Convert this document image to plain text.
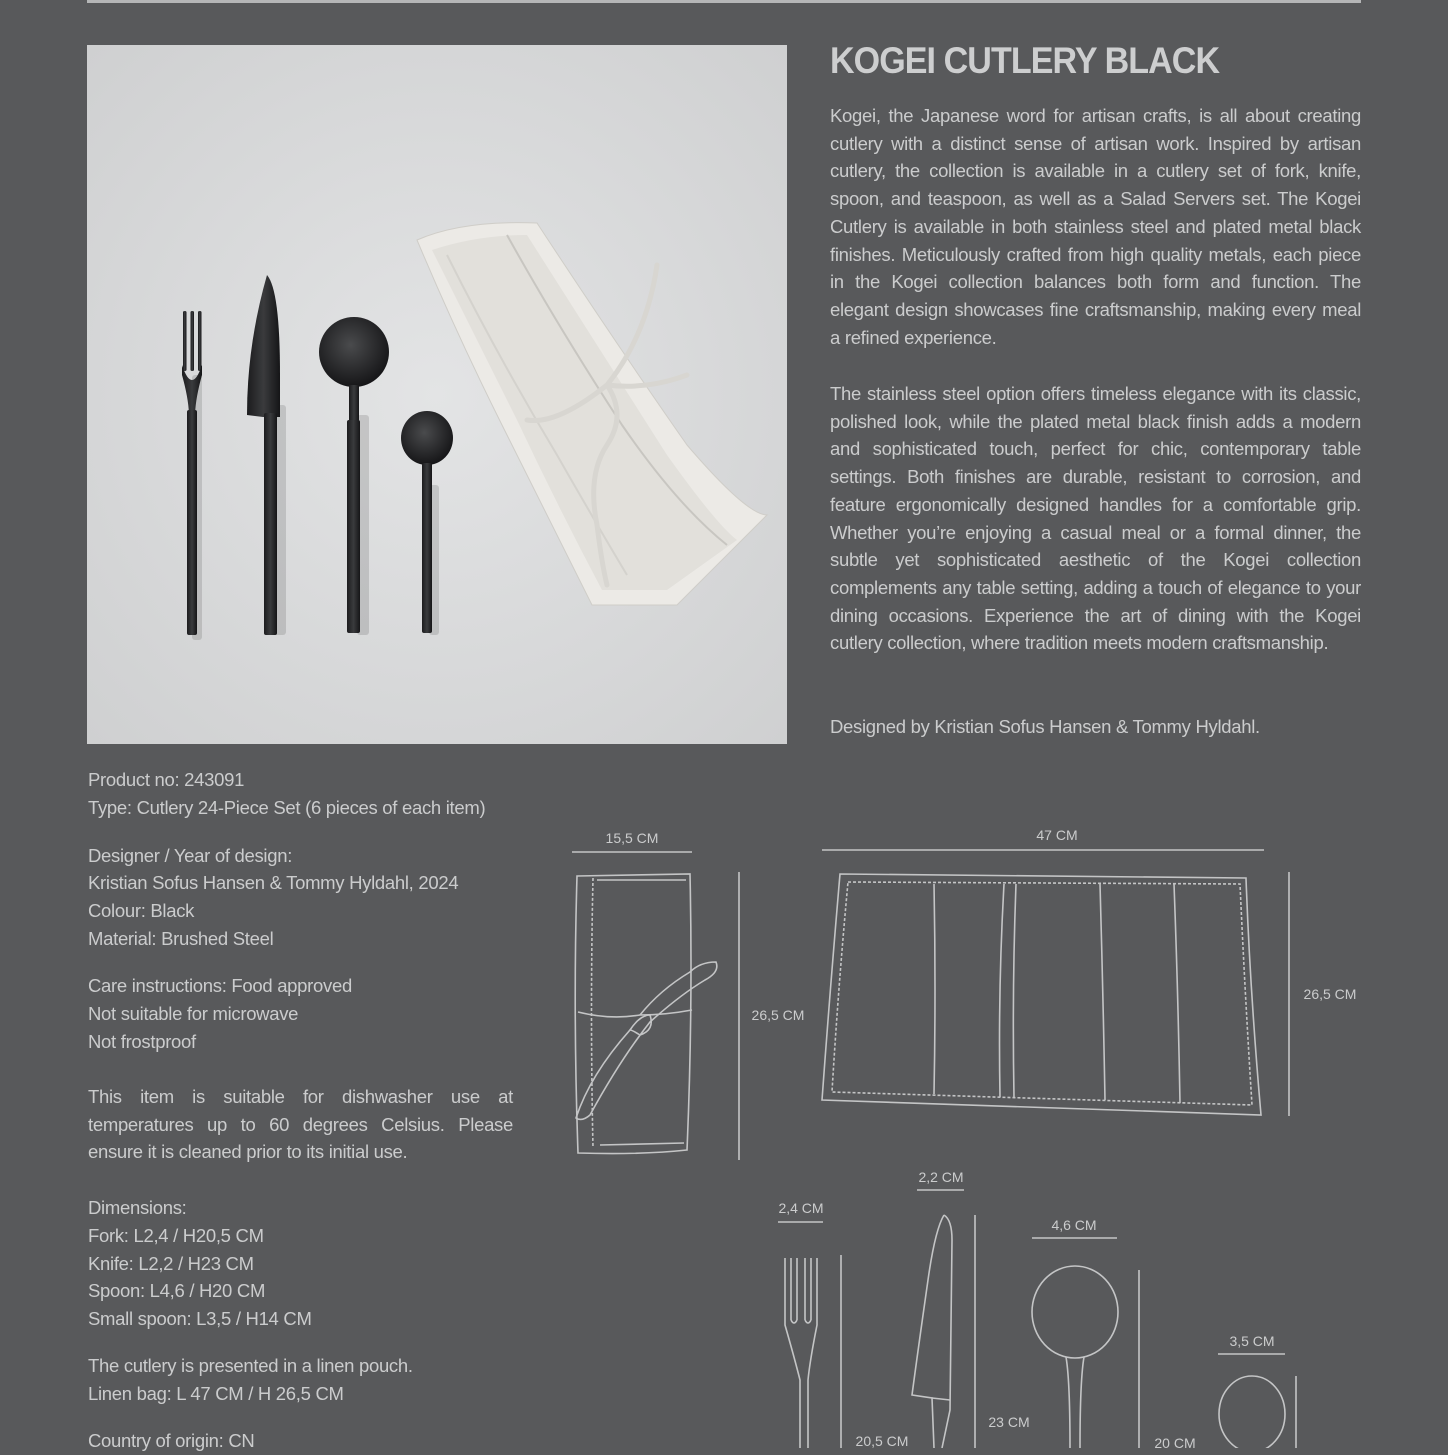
KOGEI CUTLERY BLACK

Kogei, the Japanese word for artisan crafts, is all about creating cutlery with a distinct sense of artisan work. Inspired by artisan cutlery, the collection is available in a cutlery set of fork, knife, spoon, and teaspoon, as well as a Salad Servers set. The Kogei Cutlery is available in both stainless steel and plated metal black finishes. Meticulously crafted from high quality metals, each piece in the Kogei collection balances both form and function. The elegant design showcases fine craftsmanship, making every meal a refined experience.

The stainless steel option offers timeless elegance with its classic, polished look, while the plated metal black finish adds a modern and sophisticated touch, perfect for chic, contemporary table settings. Both finishes are durable, resistant to corrosion, and feature ergonomically designed handles for a comfortable grip. Whether you’re enjoying a casual meal or a formal dinner, the subtle yet sophisticated aesthetic of the Kogei collection complements any table setting, adding a touch of elegance to your dining occasions. Experience the art of dining with the Kogei cutlery collection, where tradition meets modern craftsmanship.

Designed by Kristian Sofus Hansen & Tommy Hyldahl.

Product no: 243091

Type: Cutlery 24-Piece Set (6 pieces of each item)

Designer / Year of design:

Kristian Sofus Hansen & Tommy Hyldahl, 2024

Colour: Black

Material: Brushed Steel

Care instructions: Food approved

Not suitable for microwave

Not frostproof

This item is suitable for dishwasher use at temperatures up to 60 degrees Celsius. Please ensure it is cleaned prior to its initial use.

Dimensions:

Fork: L2,4 / H20,5 CM

Knife: L2,2 / H23 CM

Spoon: L4,6 / H20 CM

Small spoon: L3,5 / H14 CM

The cutlery is presented in a linen pouch.

Linen bag: L 47 CM / H 26,5 CM

Country of origin: CN

15,5 CM
26,5 CM
47 CM
26,5 CM
2,4 CM
20,5 CM
2,2 CM
23 CM
4,6 CM
20 CM
3,5 CM
